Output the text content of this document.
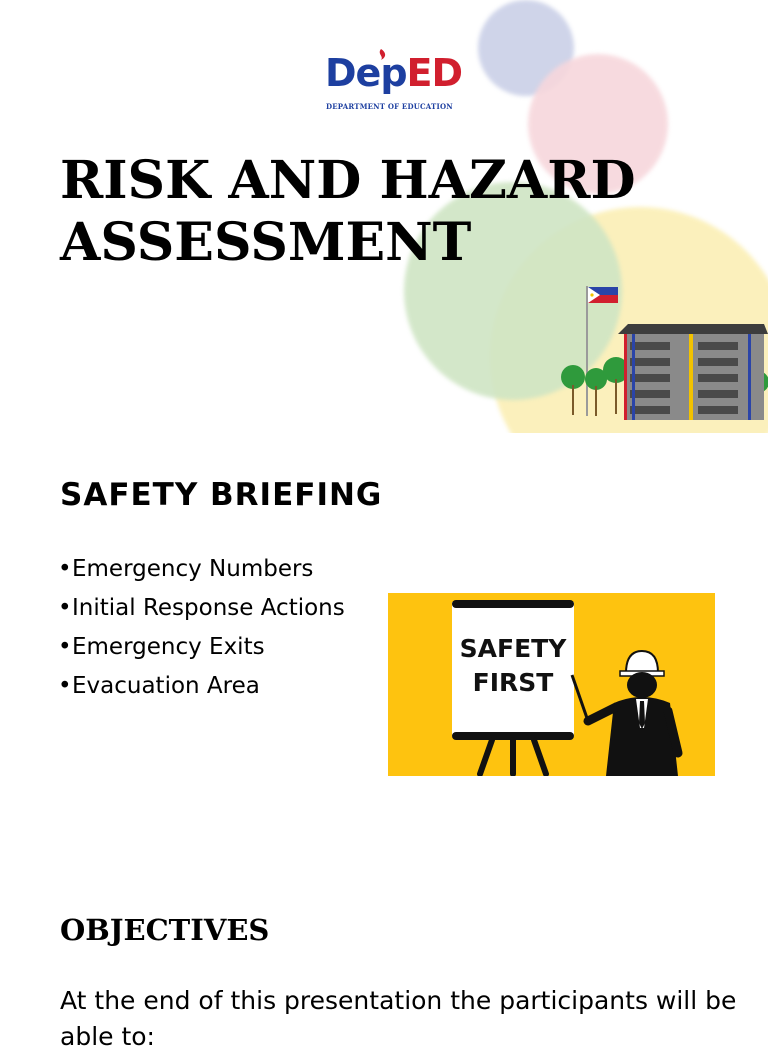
DepED
DEPARTMENT OF EDUCATION
RISK AND HAZARD
ASSESSMENT
SAFETY BRIEFING
•Emergency Numbers
•Initial Response Actions
•Emergency Exits
•Evacuation Area
SAFETY
FIRST
OBJECTIVES
At the end of this presentation the participants will be able to:
